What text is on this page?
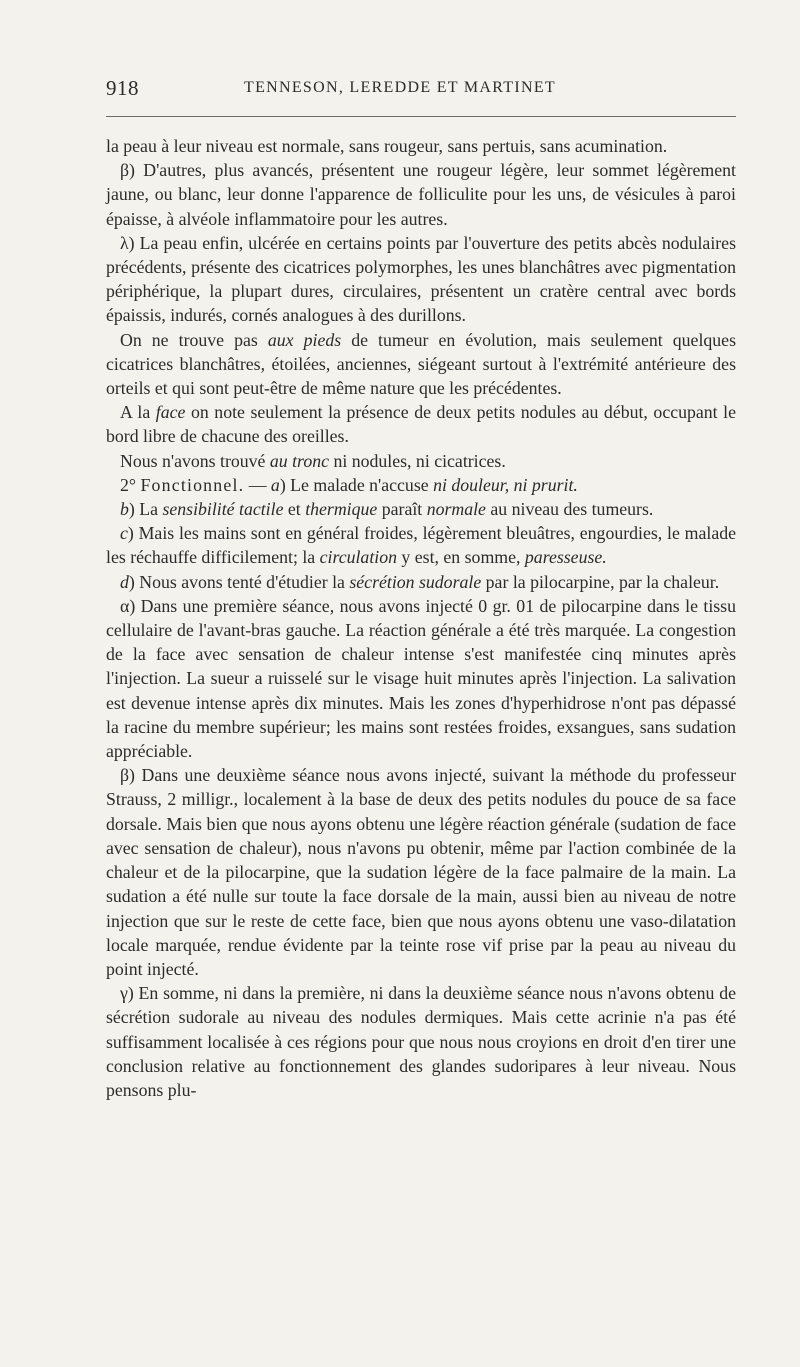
918	TENNESON, LEREDDE ET MARTINET

la peau à leur niveau est normale, sans rougeur, sans pertuis, sans acumination.

β) D'autres, plus avancés, présentent une rougeur légère, leur sommet légèrement jaune, ou blanc, leur donne l'apparence de folliculite pour les uns, de vésicules à paroi épaisse, à alvéole inflammatoire pour les autres.

λ) La peau enfin, ulcérée en certains points par l'ouverture des petits abcès nodulaires précédents, présente des cicatrices polymorphes, les unes blanchâtres avec pigmentation périphérique, la plupart dures, circulaires, présentent un cratère central avec bords épaissis, indurés, cornés analogues à des durillons.

On ne trouve pas aux pieds de tumeur en évolution, mais seulement quelques cicatrices blanchâtres, étoilées, anciennes, siégeant surtout à l'extrémité antérieure des orteils et qui sont peut-être de même nature que les précédentes.

A la face on note seulement la présence de deux petits nodules au début, occupant le bord libre de chacune des oreilles.

Nous n'avons trouvé au tronc ni nodules, ni cicatrices.

2° Fonctionnel. — a) Le malade n'accuse ni douleur, ni prurit.

b) La sensibilité tactile et thermique paraît normale au niveau des tumeurs.

c) Mais les mains sont en général froides, légèrement bleuâtres, engourdies, le malade les réchauffe difficilement; la circulation y est, en somme, paresseuse.

d) Nous avons tenté d'étudier la sécrétion sudorale par la pilocarpine, par la chaleur.

α) Dans une première séance, nous avons injecté 0 gr. 01 de pilocarpine dans le tissu cellulaire de l'avant-bras gauche. La réaction générale a été très marquée. La congestion de la face avec sensation de chaleur intense s'est manifestée cinq minutes après l'injection. La sueur a ruisselé sur le visage huit minutes après l'injection. La salivation est devenue intense après dix minutes. Mais les zones d'hyperhidrose n'ont pas dépassé la racine du membre supérieur; les mains sont restées froides, exsangues, sans sudation appréciable.

β) Dans une deuxième séance nous avons injecté, suivant la méthode du professeur Strauss, 2 milligr., localement à la base de deux des petits nodules du pouce de sa face dorsale. Mais bien que nous ayons obtenu une légère réaction générale (sudation de face avec sensation de chaleur), nous n'avons pu obtenir, même par l'action combinée de la chaleur et de la pilocarpine, que la sudation légère de la face palmaire de la main. La sudation a été nulle sur toute la face dorsale de la main, aussi bien au niveau de notre injection que sur le reste de cette face, bien que nous ayons obtenu une vaso-dilatation locale marquée, rendue évidente par la teinte rose vif prise par la peau au niveau du point injecté.

γ) En somme, ni dans la première, ni dans la deuxième séance nous n'avons obtenu de sécrétion sudorale au niveau des nodules dermiques. Mais cette acrinie n'a pas été suffisamment localisée à ces régions pour que nous nous croyions en droit d'en tirer une conclusion relative au fonctionnement des glandes sudoripares à leur niveau. Nous pensons plu-
